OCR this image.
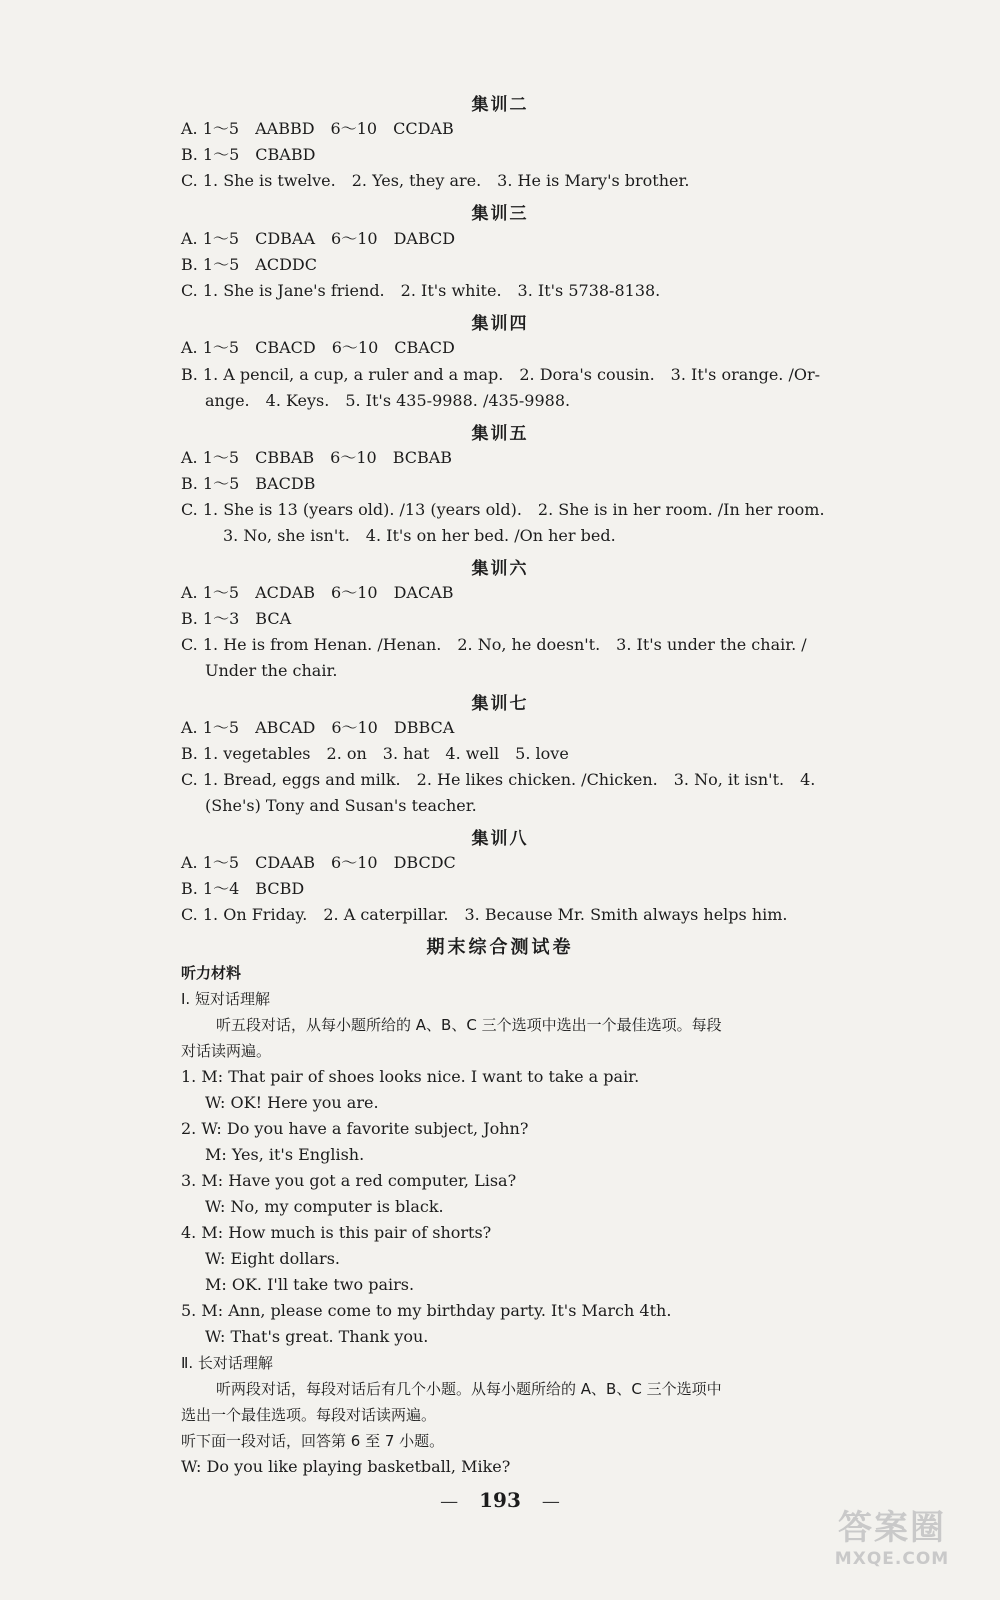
集训二
A. 1～5　AABBD　6～10　CCDAB
B. 1～5　CBABD
C. 1. She is twelve.　2. Yes, they are.　3. He is Mary's brother.
集训三
A. 1～5　CDBAA　6～10　DABCD
B. 1～5　ACDDC
C. 1. She is Jane's friend.　2. It's white.　3. It's 5738-8138.
集训四
A. 1～5　CBACD　6～10　CBACD
B. 1. A pencil, a cup, a ruler and a map.　2. Dora's cousin.　3. It's orange. /Or-
ange.　4. Keys.　5. It's 435-9988. /435-9988.
集训五
A. 1～5　CBBAB　6～10　BCBAB
B. 1～5　BACDB
C. 1. She is 13 (years old). /13 (years old).　2. She is in her room. /In her room.
3. No, she isn't.　4. It's on her bed. /On her bed.
集训六
A. 1～5　ACDAB　6～10　DACAB
B. 1～3　BCA
C. 1. He is from Henan. /Henan.　2. No, he doesn't.　3. It's under the chair. /
Under the chair.
集训七
A. 1～5　ABCAD　6～10　DBBCA
B. 1. vegetables　2. on　3. hat　4. well　5. love
C. 1. Bread, eggs and milk.　2. He likes chicken. /Chicken.　3. No, it isn't.　4.
(She's) Tony and Susan's teacher.
集训八
A. 1～5　CDAAB　6～10　DBCDC
B. 1～4　BCBD
C. 1. On Friday.　2. A caterpillar.　3. Because Mr. Smith always helps him.
期末综合测试卷
听力材料
Ⅰ. 短对话理解
听五段对话，从每小题所给的 A、B、C 三个选项中选出一个最佳选项。每段
对话读两遍。
1. M: That pair of shoes looks nice. I want to take a pair.
W: OK! Here you are.
2. W: Do you have a favorite subject, John?
M: Yes, it's English.
3. M: Have you got a red computer, Lisa?
W: No, my computer is black.
4. M: How much is this pair of shorts?
W: Eight dollars.
M: OK. I'll take two pairs.
5. M: Ann, please come to my birthday party. It's March 4th.
W: That's great. Thank you.
Ⅱ. 长对话理解
听两段对话，每段对话后有几个小题。从每小题所给的 A、B、C 三个选项中
选出一个最佳选项。每段对话读两遍。
听下面一段对话，回答第 6 至 7 小题。
W: Do you like playing basketball, Mike?
— 193 —
答案圈
MXQE.COM
